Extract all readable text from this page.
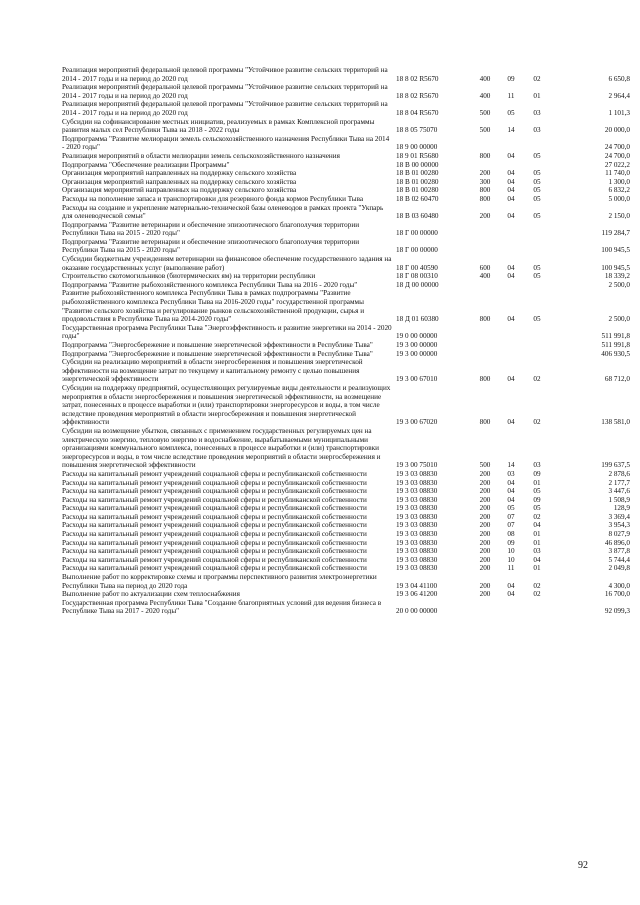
Реализация мероприятий федеральной целевой программы "Устойчивое развитие сельских территорий на 2014 - 2017 годы и на период до 2020 год	18 8 02 R5670	400	09	02	6 650,8
Реализация мероприятий федеральной целевой программы "Устойчивое развитие сельских территорий на 2014 - 2017 годы и на период до 2020 год	18 8 02 R5670	400	11	01	2 964,4
Реализация мероприятий федеральной целевой программы "Устойчивое развитие сельских территорий на 2014 - 2017 годы и на период до 2020 год	18 8 04 R5670	500	05	03	1 101,3
Субсидии на софинансирование местных инициатив, реализуемых в рамках Комплексной программы развития малых сел Республики Тыва на 2018 - 2022 годы	18 8 05 75070	500	14	03	20 000,0
Подпрограмма "Развитие мелиорации земель сельскохозяйственного назначения Республики Тыва на 2014 - 2020 годы"	18 9 00 00000				24 700,0
Реализация мероприятий в области мелиорации земель сельскохозяйственного назначения	18 9 01 R5680	800	04	05	24 700,0
Подпрограмма "Обеспечение реализации Программы"	18 В 00 00000				27 022,2
Организация мероприятий направленных на поддержку сельского хозяйства	18 В 01 00280	200	04	05	11 740,0
Организация мероприятий направленных на поддержку сельского хозяйства	18 В 01 00280	300	04	05	1 300,0
Организация мероприятий направленных на поддержку сельского хозяйства	18 В 01 00280	800	04	05	6 832,2
Расходы на пополнение запаса и транспортировки для резервного фонда кормов Республики Тыва	18 В 02 60470	800	04	05	5 000,0
Расходы на создание и укрепление материально-технической базы оленеводов в рамках проекта "Укпарь для оленеводческой семьи"	18 В 03 60480	200	04	05	2 150,0
Подпрограмма "Развитие ветеринарии и обеспечение эпизоотического благополучия территории Республики Тыва на 2015 - 2020 годы"	18 Г 00 00000				119 284,7
Подпрограмма "Развитие ветеринарии и обеспечение эпизоотического благополучия территории Республики Тыва на 2015 - 2020 годы"	18 Г 00 00000				100 945,5
Субсидии бюджетным учреждениям ветеринарии на финансовое обеспечение государственного задания на оказание государственных услуг (выполнение работ)	18 Г 00 40590	600	04	05	100 945,5
Строительство скотомогильников (биотермических ям) на территории республики	18 Г 08 00310	400	04	05	18 339,2
Подпрограмма "Развитие рыбохозяйственного комплекса Республики Тыва на 2016 - 2020 годы"	18 Д 00 00000				2 500,0
Развитие рыбохозяйственного комплекса Республики Тыва в рамках подпрограммы "Развитие рыбохозяйственного комплекса Республики Тыва на 2016-2020 годы" государственной программы "Развитие сельского хозяйства и регулирование рынков сельскохозяйственной продукции, сырья и продовольствия в Республике Тыва на 2014-2020 годы"	18 Д 01 60380	800	04	05	2 500,0
Государственная программа Республики Тыва "Энергоэффективность и развитие энергетики на 2014 - 2020 годы"	19 0 00 00000				511 991,8
Подпрограмма "Энергосбережение и повышение энергетической эффективности в Республике Тыва"	19 3 00 00000				511 991,8
Подпрограмма "Энергосбережение и повышение энергетической эффективности в Республике Тыва"	19 3 00 00000				406 930,5
Субсидии на реализацию мероприятий в области энергосбережения и повышения энергетической эффективности на возмещение затрат по текущему и капитальному ремонту с целью повышения энергетической эффективности	19 3 00 67010	800	04	02	68 712,0
Субсидии на поддержку предприятий, осуществляющих регулируемые виды деятельности и реализующих мероприятия в области энергосбережения и повышения энергетической эффективности, на возмещение затрат, понесенных в процессе выработки и (или) транспортировки энергоресурсов и воды, в том числе вследствие проведения мероприятий в области энергосбережения и повышения энергетической эффективности	19 3 00 67020	800	04	02	138 581,0
Субсидии на возмещение убытков, связанных с применением государственных регулируемых цен на электрическую энергию, тепловую энергию и водоснабжение, вырабатываемыми муниципальными организациями коммунального комплекса, понесенных в процессе выработки и (или) транспортировки энергоресурсов и воды, в том числе вследствие проведения мероприятий в области энергосбережения и повышения энергетической эффективности	19 3 00 75010	500	14	03	199 637,5
Расходы на капитальный ремонт учреждений социальной сферы и республиканской собственности	19 3 03 08830	200	03	09	2 878,6
Расходы на капитальный ремонт учреждений социальной сферы и республиканской собственности	19 3 03 08830	200	04	01	2 177,7
Расходы на капитальный ремонт учреждений социальной сферы и республиканской собственности	19 3 03 08830	200	04	05	3 447,6
Расходы на капитальный ремонт учреждений социальной сферы и республиканской собственности	19 3 03 08830	200	04	09	1 508,9
Расходы на капитальный ремонт учреждений социальной сферы и республиканской собственности	19 3 03 08830	200	05	05	128,9
Расходы на капитальный ремонт учреждений социальной сферы и республиканской собственности	19 3 03 08830	200	07	02	3 369,4
Расходы на капитальный ремонт учреждений социальной сферы и республиканской собственности	19 3 03 08830	200	07	04	3 954,3
Расходы на капитальный ремонт учреждений социальной сферы и республиканской собственности	19 3 03 08830	200	08	01	8 027,9
Расходы на капитальный ремонт учреждений социальной сферы и республиканской собственности	19 3 03 08830	200	09	01	46 896,0
Расходы на капитальный ремонт учреждений социальной сферы и республиканской собственности	19 3 03 08830	200	10	03	3 877,8
Расходы на капитальный ремонт учреждений социальной сферы и республиканской собственности	19 3 03 08830	200	10	04	5 744,4
Расходы на капитальный ремонт учреждений социальной сферы и республиканской собственности	19 3 03 08830	200	11	01	2 049,8
Выполнение работ по корректировке схемы и программы перспективного развития электроэнергетики Республики Тыва на период до 2020 года	19 3 04 41100	200	04	02	4 300,0
Выполнение работ по актуализации схем теплоснабжения	19 3 06 41200	200	04	02	16 700,0
Государственная программа Республики Тыва "Создание благоприятных условий для ведения бизнеса в Республике Тыва на 2017 - 2020 годы"	20 0 00 00000				92 099,3
92
